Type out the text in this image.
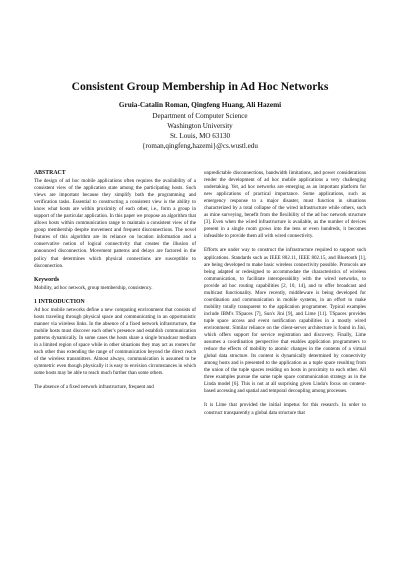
Consistent Group Membership in Ad Hoc Networks
Gruia-Catalin Roman, Qingfeng Huang, Ali Hazemi
Department of Computer Science
Washington University
St. Louis, MO 63130
{roman,qingfeng,hazemi}@cs.wustl.edu
ABSTRACT

The design of ad hoc mobile applications often requires the availability of a consistent view of the application state among the participating hosts. Such views are important because they simplify both the programming and verification tasks. Essential to constructing a consistent view is the ability to know what hosts are within proximity of each other, i.e., form a group in support of the particular application. In this paper we propose an algorithm that allows hosts within communication range to maintain a consistent view of the group membership despite movement and frequent disconnections. The novel features of this algorithm are its reliance on location information and a conservative notion of logical connectivity that creates the illusion of announced disconnection. Movement patterns and delays are factored in the policy that determines which physical connections are susceptible to disconnection.

Keywords

Mobility, ad hoc network, group membership, consistency.

1 INTRODUCTION

Ad hoc mobile networks define a new computing environment that consists of hosts traveling through physical space and communicating in an opportunistic manner via wireless links. In the absence of a fixed network infrastructure, the mobile hosts must discover each other's presence and establish communication patterns dynamically. In some cases the hosts share a single broadcast medium in a limited region of space while in other situations they may act as routers for each other thus extending the range of communication beyond the direct reach of the wireless transmitters. Almost always, communication is assumed to be symmetric even though physically it is easy to envision circumstances in which some hosts may be able to reach much further than some others.

The absence of a fixed network infrastructure, frequent and

unpredictable disconnections, bandwidth limitations, and power considerations render the development of ad hoc mobile applications a very challenging undertaking. Yet, ad hoc networks are emerging as an important platform for new applications of practical importance. Some applications, such as emergency response to a major disaster, must function in situations characterized by a total collapse of the wired infrastructure while others, such as mine surveying, benefit from the flexibility of the ad hoc network structure [3]. Even when the wired infrastructure is available, as the number of devices present in a single room grows into the tens or even hundreds, it becomes infeasible to provide them all with wired connectivity.

Efforts are under way to construct the infrastructure required to support such applications. Standards such as IEEE 802.11, IEEE 802.15, and Bluetooth [1], are being developed to make basic wireless connectivity possible. Protocols are being adapted or redesigned to accommodate the characteristics of wireless communication, to facilitate interoperability with the wired networks, to provide ad hoc routing capabilities [2, 10, 14], and to offer broadcast and multicast functionality. More recently, middleware is being developed for coordination and communication in mobile systems, in an effort to make mobility totally transparent to the application programmer. Typical examples include IBM's TSpaces [7], Sun's Jini [9], and Lime [11]. TSpaces provides tuple space access and event notification capabilities in a mostly wired environment. Similar reliance on the client-server architecture is found in Jini, which offers support for service registration and discovery. Finally, Lime assumes a coordination perspective that enables application programmers to reduce the effects of mobility to atomic changes in the contents of a virtual global data structure. Its content is dynamically determined by connectivity among hosts and is presented to the application as a tuple space resulting from the union of the tuple spaces residing on hosts in proximity to each other. All three examples pursue the same tuple space communication strategy as in the Linda model [6]. This is not at all surprising given Linda's focus on content-based accessing and spatial and temporal decoupling among processes.

It is Lime that provided the initial impetus for this research. In order to construct transparently a global data structure that
